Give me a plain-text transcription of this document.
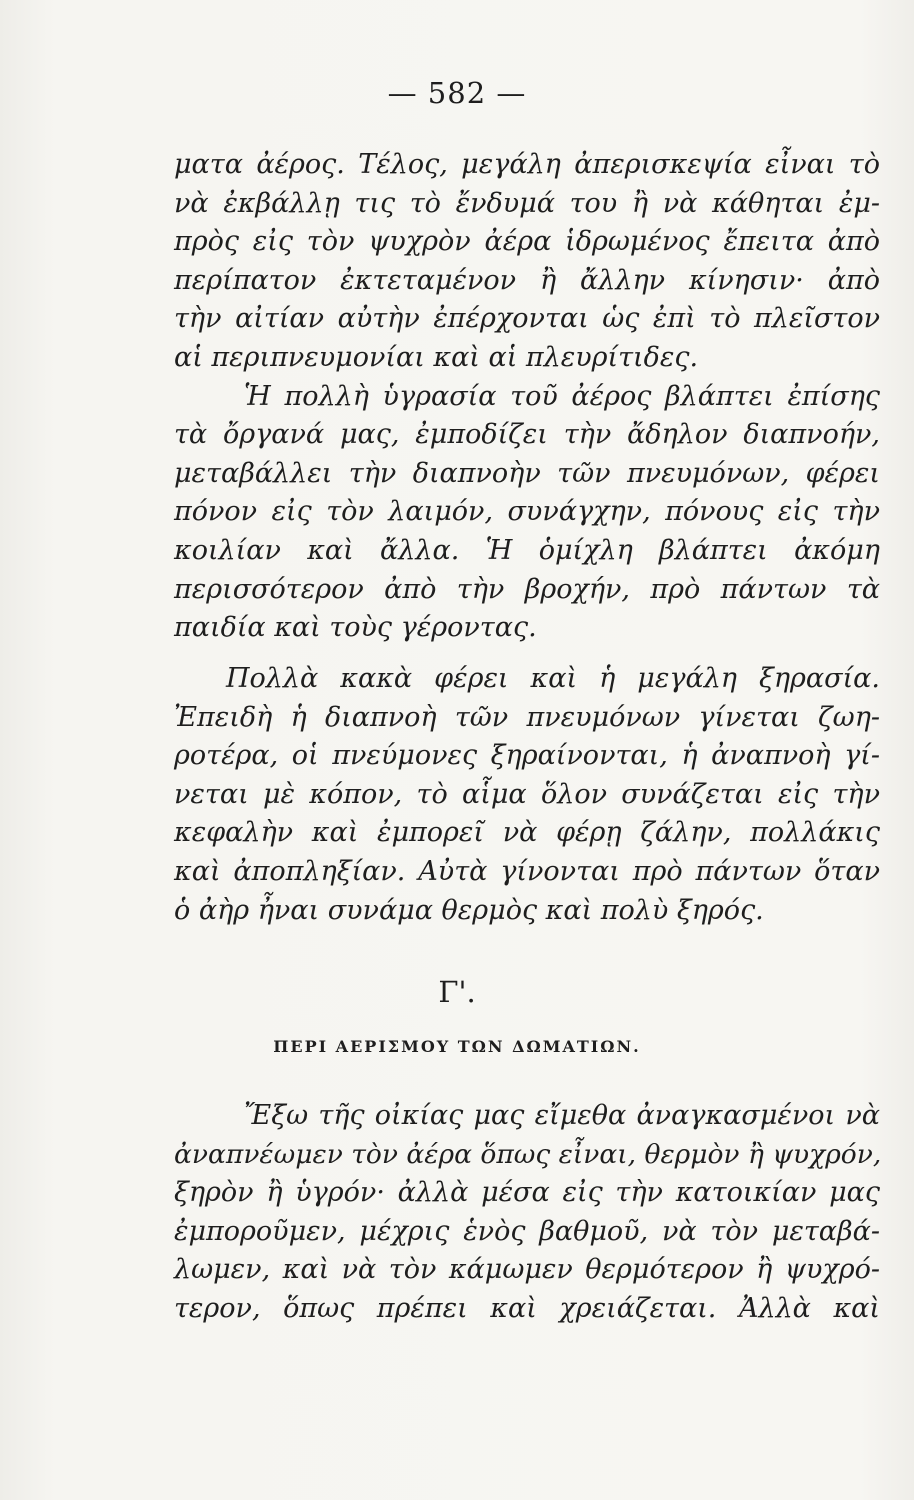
— 582 —
ματα ἀέρος. Τέλος, μεγάλη ἀπερισκεψία εἶναι τὸ
νὰ ἐκβάλλῃ τις τὸ ἔνδυμά του ἢ νὰ κάθηται ἐμ-
πρὸς εἰς τὸν ψυχρὸν ἀέρα ἱδρωμένος ἔπειτα ἀπὸ
περίπατον ἐκτεταμένον ἢ ἄλλην κίνησιν· ἀπὸ
τὴν αἰτίαν αὐτὴν ἐπέρχονται ὡς ἐπὶ τὸ πλεῖστον
αἱ περιπνευμονίαι καὶ αἱ πλευρίτιδες.
Ἡ πολλὴ ὑγρασία τοῦ ἀέρος βλάπτει ἐπίσης
τὰ ὄργανά μας, ἐμποδίζει τὴν ἄδηλον διαπνοήν,
μεταβάλλει τὴν διαπνοὴν τῶν πνευμόνων, φέρει
πόνον εἰς τὸν λαιμόν, συνάγχην, πόνους εἰς τὴν
κοιλίαν καὶ ἄλλα. Ἡ ὁμίχλη βλάπτει ἀκόμη
περισσότερον ἀπὸ τὴν βροχήν, πρὸ πάντων τὰ
παιδία καὶ τοὺς γέροντας.
Πολλὰ κακὰ φέρει καὶ ἡ μεγάλη ξηρασία.
Ἐπειδὴ ἡ διαπνοὴ τῶν πνευμόνων γίνεται ζωη-
ροτέρα, οἱ πνεύμονες ξηραίνονται, ἡ ἀναπνοὴ γί-
νεται μὲ κόπον, τὸ αἷμα ὅλον συνάζεται εἰς τὴν
κεφαλὴν καὶ ἐμπορεῖ νὰ φέρῃ ζάλην, πολλάκις
καὶ ἀποπληξίαν. Αὐτὰ γίνονται πρὸ πάντων ὅταν
ὁ ἀὴρ ἦναι συνάμα θερμὸς καὶ πολὺ ξηρός.
Γ'.
ΠΕΡΙ ΑΕΡΙΣΜΟΥ ΤΩΝ ΔΩΜΑΤΙΩΝ.
Ἔξω τῆς οἰκίας μας εἴμεθα ἀναγκασμένοι νὰ
ἀναπνέωμεν τὸν ἀέρα ὅπως εἶναι, θερμὸν ἢ ψυχρόν,
ξηρὸν ἢ ὑγρόν· ἀλλὰ μέσα εἰς τὴν κατοικίαν μας
ἐμποροῦμεν, μέχρις ἑνὸς βαθμοῦ, νὰ τὸν μεταβά-
λωμεν, καὶ νὰ τὸν κάμωμεν θερμότερον ἢ ψυχρό-
τερον, ὅπως πρέπει καὶ χρειάζεται. Ἀλλὰ καὶ
